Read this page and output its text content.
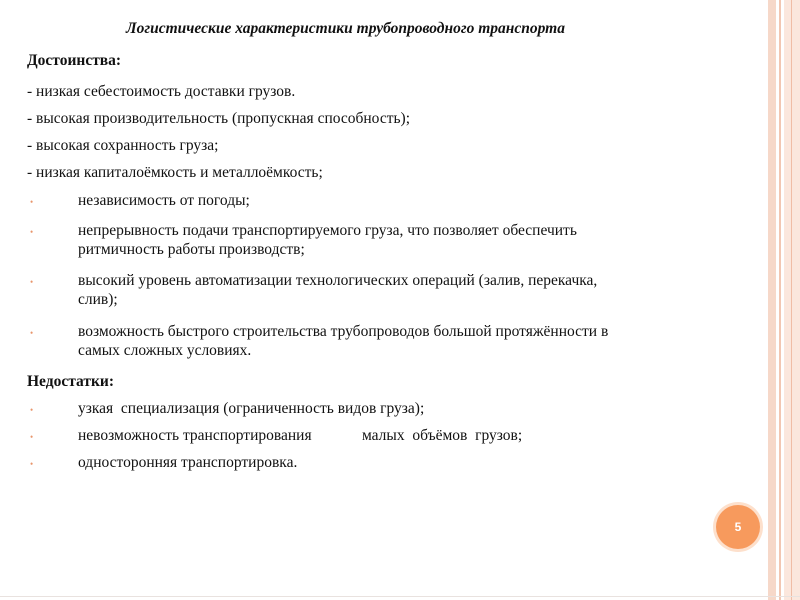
Логистические характеристики трубопроводного транспорта
Достоинства:
- низкая себестоимость доставки грузов.
- высокая производительность (пропускная способность);
- высокая сохранность груза;
- низкая капиталоёмкость и металлоёмкость;
•	независимость от погоды;
•	непрерывность подачи транспортируемого груза, что позволяет обеспечить
ритмичность работы производств;
•	высокий уровень автоматизации технологических операций (залив, перекачка,
слив);
•	возможность быстрого строительства трубопроводов большой протяжённости в
самых сложных условиях.
Недостатки:
•	узкая  специализация (ограниченность видов груза);
•	невозможность транспортирования             малых  объёмов  грузов;
•	односторонняя транспортировка.
5
